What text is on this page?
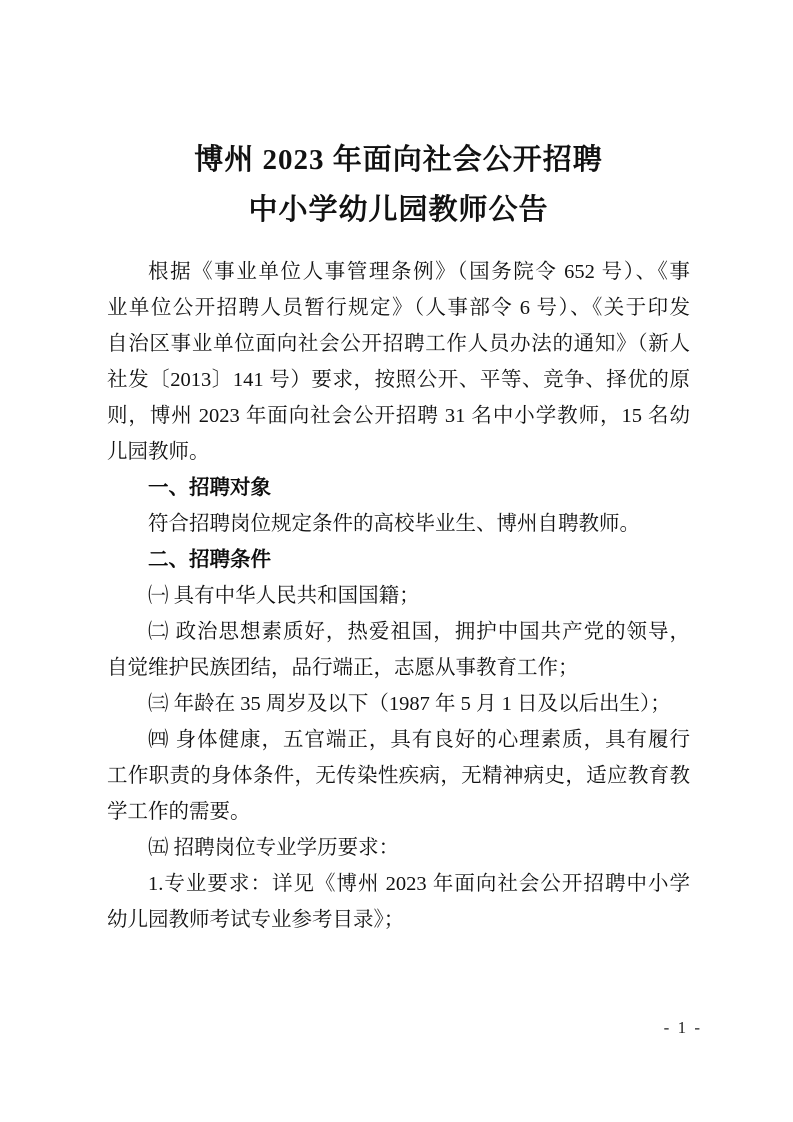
博州 2023 年面向社会公开招聘
中小学幼儿园教师公告
根据《事业单位人事管理条例》（国务院令 652 号）、《事
业单位公开招聘人员暂行规定》（人事部令 6 号）、《关于印发
自治区事业单位面向社会公开招聘工作人员办法的通知》（新人
社发〔2013〕141 号）要求，按照公开、平等、竞争、择优的原
则，博州 2023 年面向社会公开招聘 31 名中小学教师，15 名幼
儿园教师。
一、招聘对象
符合招聘岗位规定条件的高校毕业生、博州自聘教师。
二、招聘条件
㈠ 具有中华人民共和国国籍；
㈡ 政治思想素质好，热爱祖国，拥护中国共产党的领导，
自觉维护民族团结，品行端正，志愿从事教育工作；
㈢ 年龄在 35 周岁及以下（1987 年 5 月 1 日及以后出生）；
㈣ 身体健康，五官端正，具有良好的心理素质，具有履行
工作职责的身体条件，无传染性疾病，无精神病史，适应教育教
学工作的需要。
㈤ 招聘岗位专业学历要求：
1.专业要求：详见《博州 2023 年面向社会公开招聘中小学
幼儿园教师考试专业参考目录》；
- 1 -
